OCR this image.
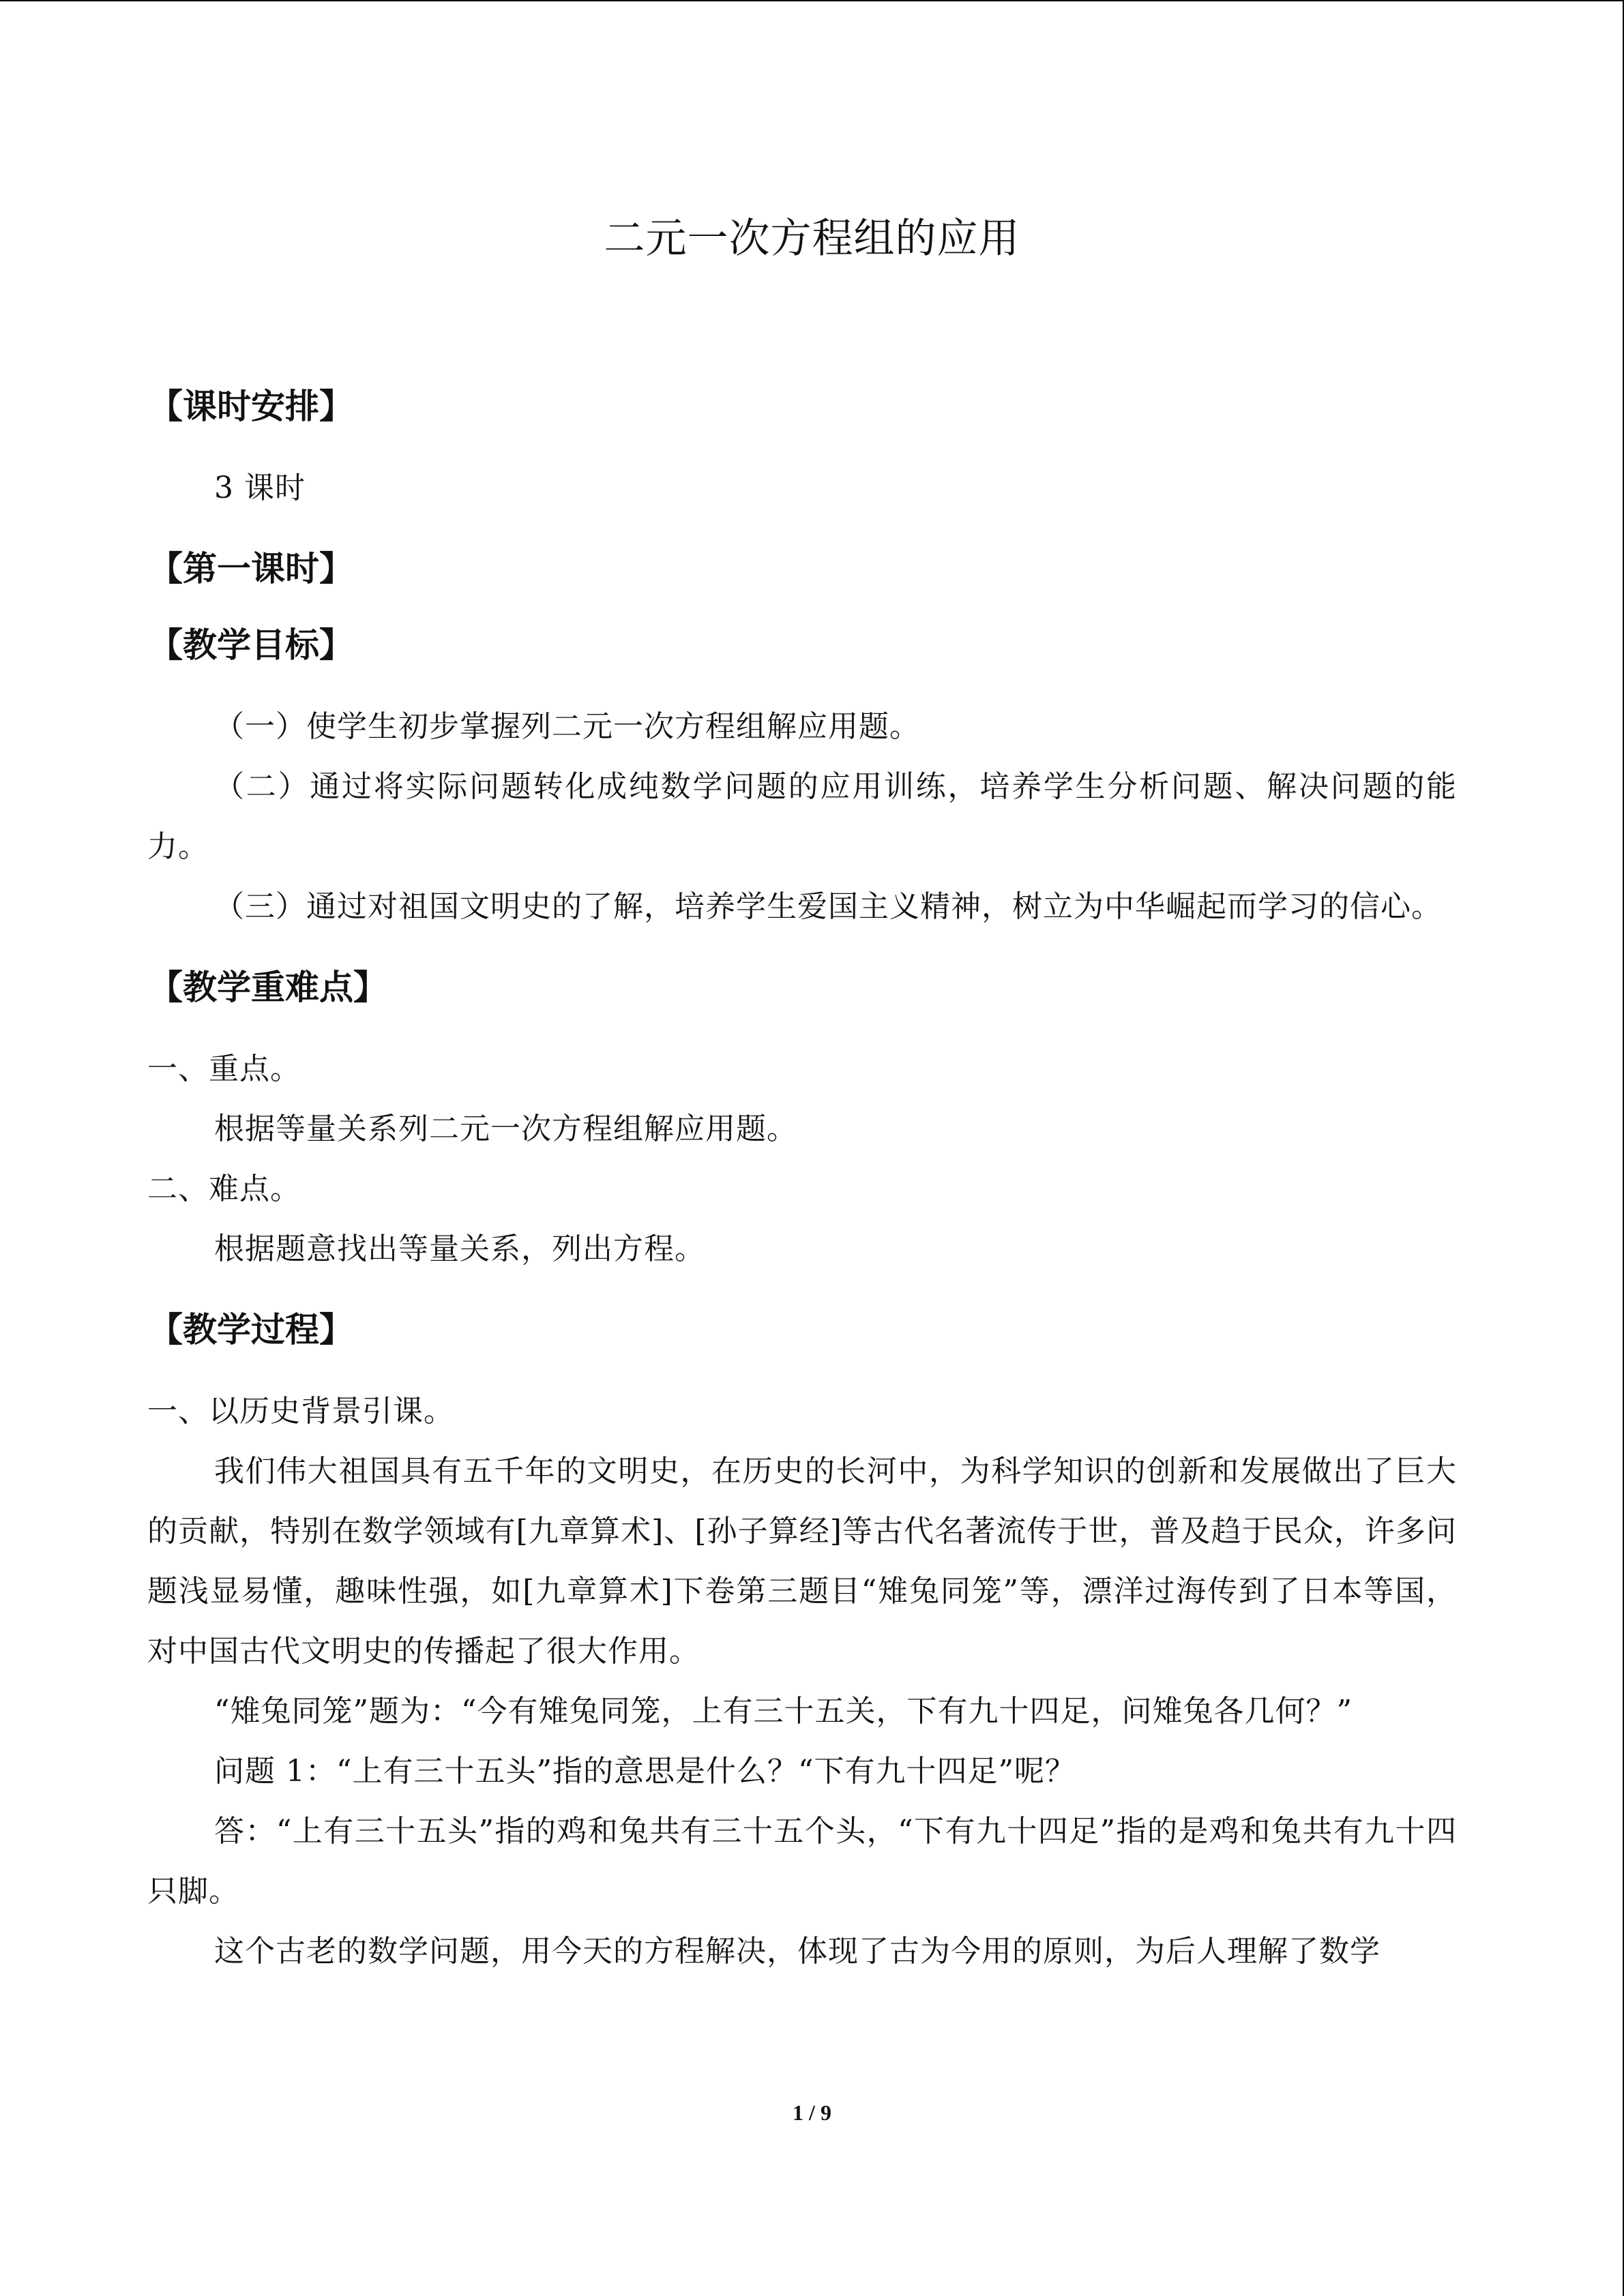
二元一次方程组的应用
【课时安排】

3 课时

【第一课时】
【教学目标】

（一）使学生初步掌握列二元一次方程组解应用题。

（二）通过将实际问题转化成纯数学问题的应用训练，培养学生分析问题、解决问题的能力。

（三）通过对祖国文明史的了解，培养学生爱国主义精神，树立为中华崛起而学习的信心。

【教学重难点】

一、重点。

根据等量关系列二元一次方程组解应用题。

二、难点。

根据题意找出等量关系，列出方程。

【教学过程】

一、以历史背景引课。

我们伟大祖国具有五千年的文明史，在历史的长河中，为科学知识的创新和发展做出了巨大的贡献，特别在数学领域有[九章算术]、[孙子算经]等古代名著流传于世，普及趋于民众，许多问题浅显易懂，趣味性强，如[九章算术]下卷第三题目“雉兔同笼”等，漂洋过海传到了日本等国，对中国古代文明史的传播起了很大作用。

“雉兔同笼”题为：“今有雉兔同笼，上有三十五关，下有九十四足，问雉兔各几何？”

问题 1：“上有三十五头”指的意思是什么？“下有九十四足”呢？

答：“上有三十五头”指的鸡和兔共有三十五个头，“下有九十四足”指的是鸡和兔共有九十四只脚。

这个古老的数学问题，用今天的方程解决，体现了古为今用的原则，为后人理解了数学

1 / 9
